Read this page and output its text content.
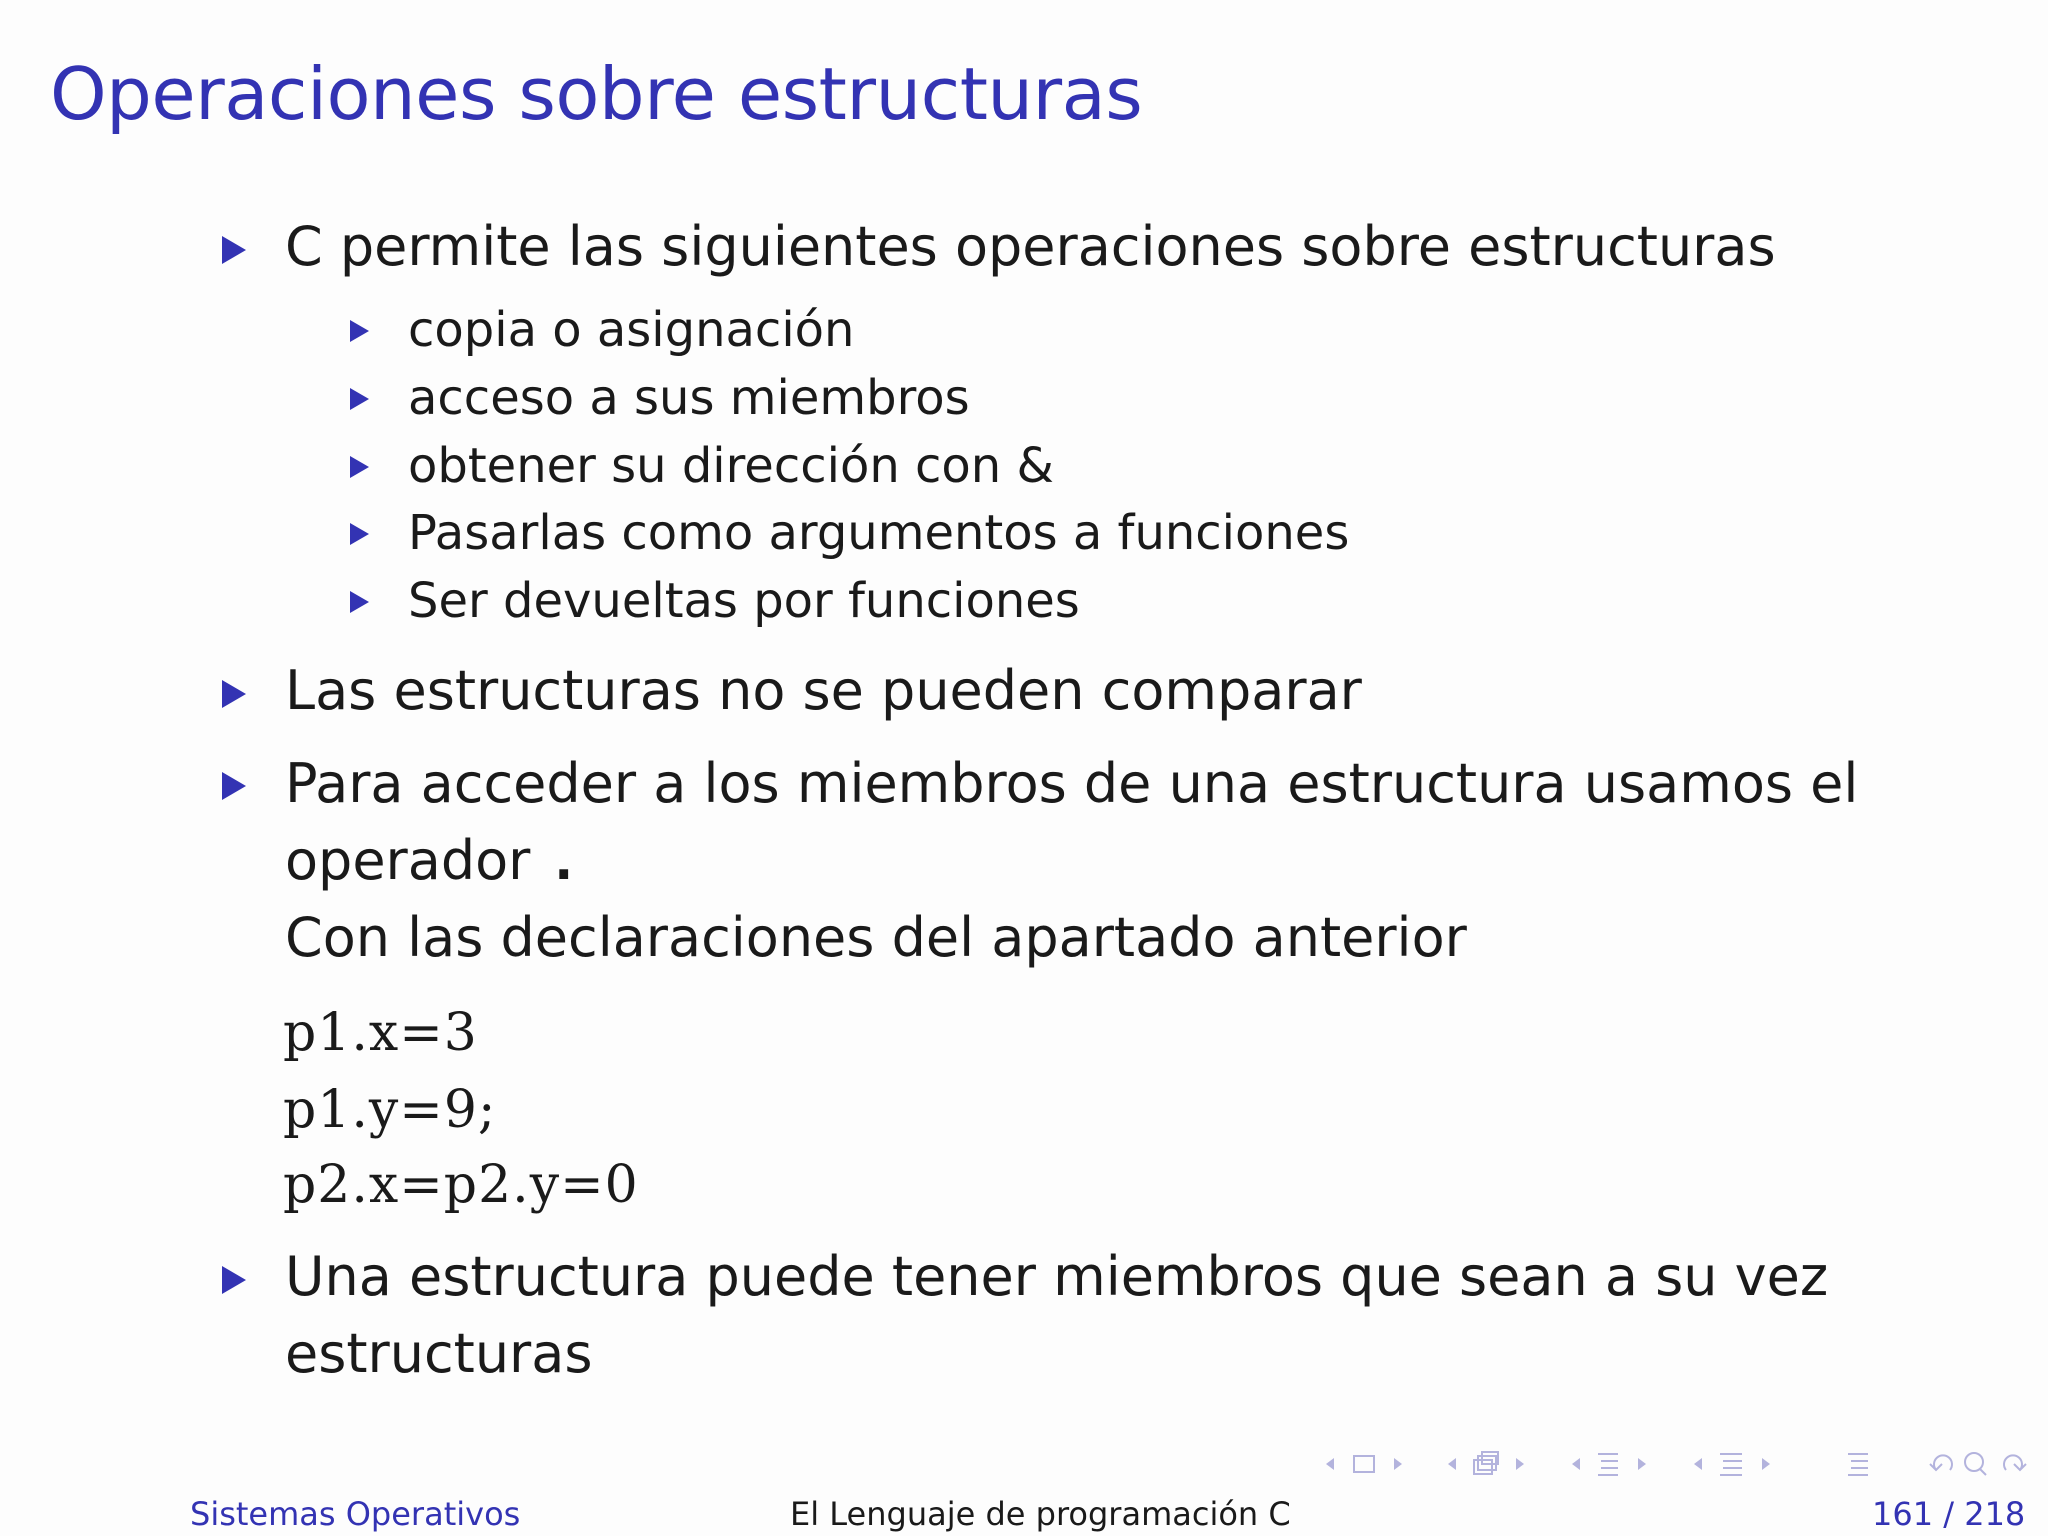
Operaciones sobre estructuras
C permite las siguientes operaciones sobre estructuras
copia o asignación
acceso a sus miembros
obtener su dirección con &
Pasarlas como argumentos a funciones
Ser devueltas por funciones
Las estructuras no se pueden comparar
Para acceder a los miembros de una estructura usamos el
operador .
Con las declaraciones del apartado anterior
p1.x=3
p1.y=9;
p2.x=p2.y=0
Una estructura puede tener miembros que sean a su vez
estructuras
Sistemas Operativos	El Lenguaje de programación C	161 / 218
